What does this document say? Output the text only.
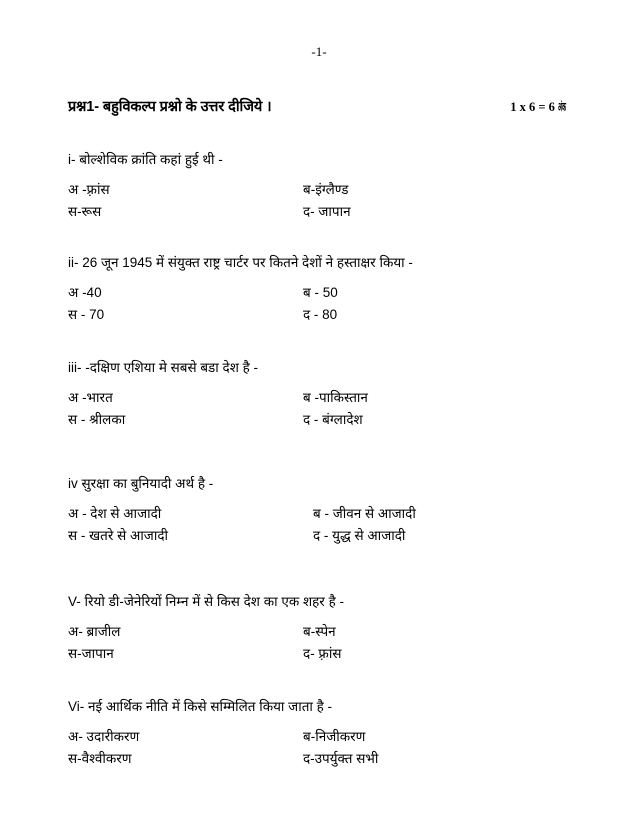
-1-
प्रश्न1- बहुविकल्प प्रश्नो के उत्तर दीजिये ।	1 x 6 = 6 अंक
i- बोल्शेविक क्रांति कहां हुई थी -
अ -फ़्रांस	ब-इंग्लैण्ड
स-रूस	द- जापान
ii- 26 जून 1945 में संयुक्त राष्ट्र चार्टर पर कितने देशों ने हस्ताक्षर किया -
अ -40	ब - 50
स - 70	द - 80
iii- -दक्षिण एशिया मे सबसे बडा देश है -
अ -भारत	ब -पाकिस्तान
स - श्रीलका	द - बंग्लादेश
iv सुरक्षा का बुनियादी अर्थ है -
अ - देश से आजादी	ब - जीवन से आजादी
स - खतरे से आजादी	द - युद्ध से आजादी
V- रियो डी-जेनेरियों निम्न में से किस देश का एक शहर है -
अ- ब्राजील	ब-स्पेन
स-जापान	द- फ़्रांस
Vi- नई आर्थिक नीति में किसे सम्मिलित किया जाता है -
अ- उदारीकरण	ब-निजीकरण
स-वैश्वीकरण	द-उपर्युक्त सभी
